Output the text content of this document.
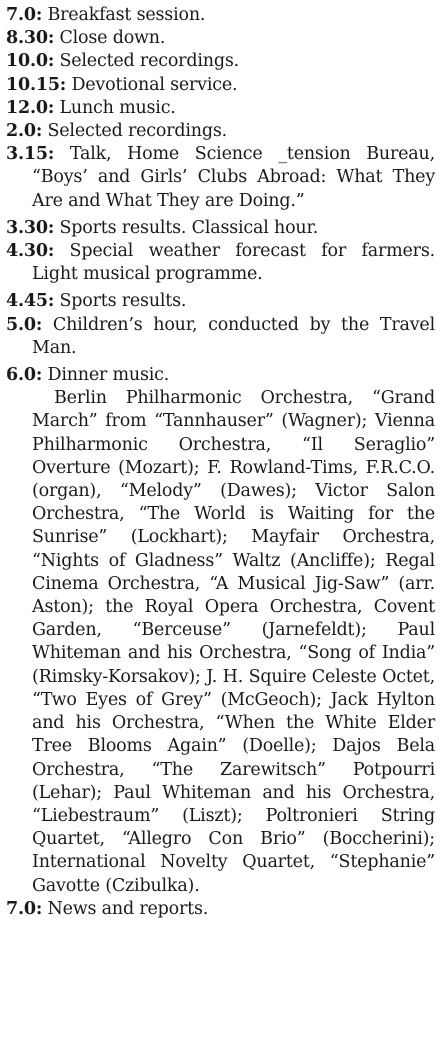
7.0: Breakfast session.

8.30: Close down.

10.0: Selected recordings.

10.15: Devotional service.

12.0: Lunch music.

2.0: Selected recordings.

3.15: Talk, Home Science _tension Bureau, “Boys’ and Girls’ Clubs Abroad: What They Are and What They are Doing.”

3.30: Sports results. Classical hour.

4.30: Special weather forecast for farmers. Light musical programme.

4.45: Sports results.

5.0: Children’s hour, conducted by the Travel Man.

6.0: Dinner music.

Berlin Philharmonic Orchestra, “Grand March” from “Tannhauser” (Wagner); Vienna Philharmonic Orchestra, “Il Seraglio” Overture (Mozart); F. Rowland-Tims, F.R.C.O. (organ), “Melody” (Dawes); Victor Salon Orchestra, “The World is Waiting for the Sunrise” (Lockhart); Mayfair Orchestra, “Nights of Gladness” Waltz (Ancliffe); Regal Cinema Orchestra, “A Musical Jig-Saw” (arr. Aston); the Royal Opera Orchestra, Covent Garden, “Berceuse” (Jarnefeldt); Paul Whiteman and his Orchestra, “Song of India” (Rimsky-Korsakov); J. H. Squire Celeste Octet, “Two Eyes of Grey” (McGeoch); Jack Hylton and his Orchestra, “When the White Elder Tree Blooms Again” (Doelle); Dajos Bela Orchestra, “The Zarewitsch” Potpourri (Lehar); Paul Whiteman and his Orchestra, “Liebestraum” (Liszt); Poltronieri String Quartet, “Allegro Con Brio” (Boccherini); International Novelty Quartet, “Stephanie” Gavotte (Czibulka).

7.0: News and reports.
